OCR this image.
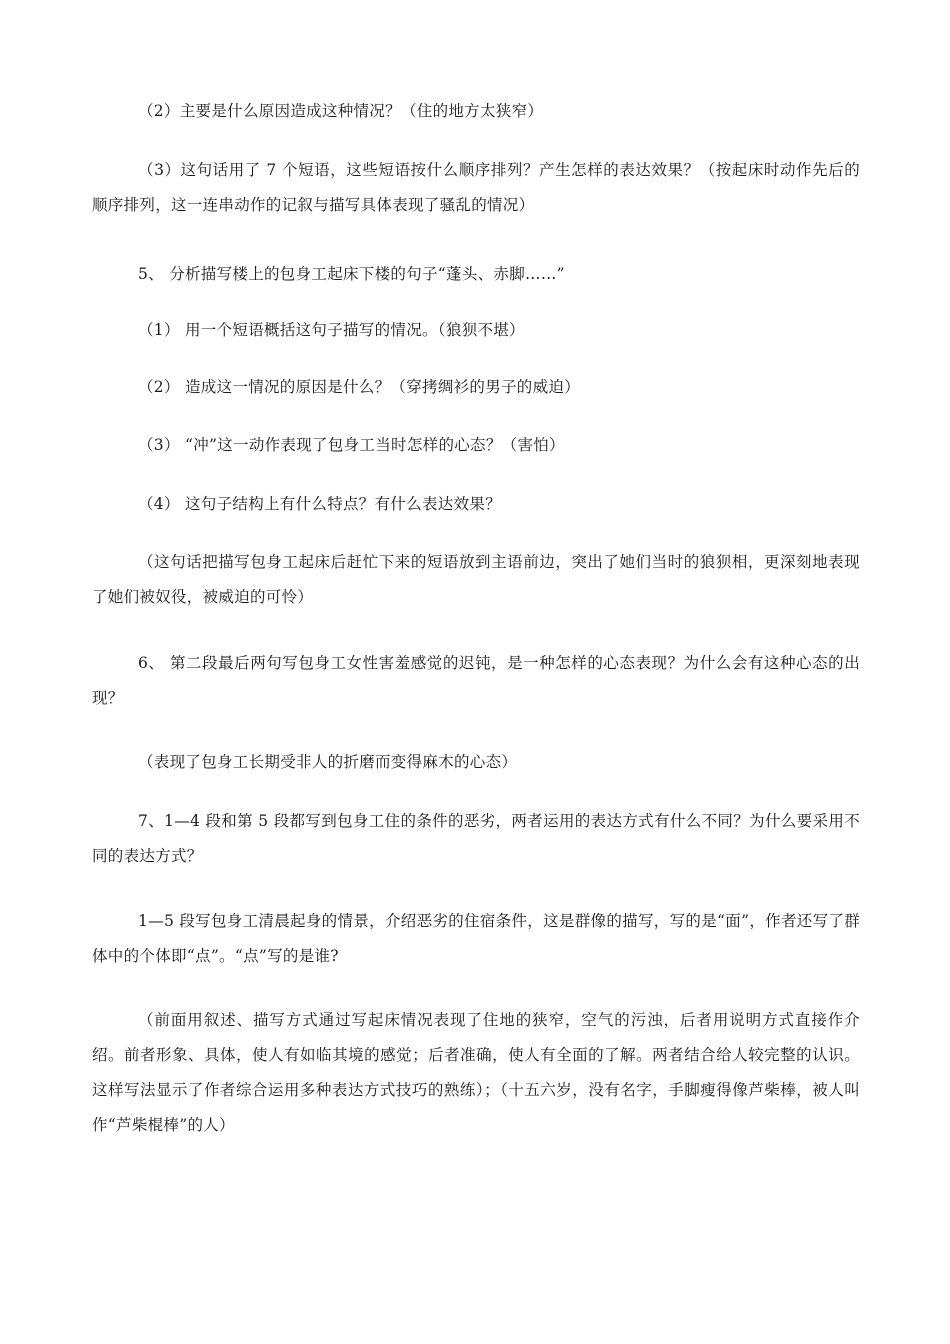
（2）主要是什么原因造成这种情况？（住的地方太狭窄）

（3）这句话用了 7 个短语，这些短语按什么顺序排列？产生怎样的表达效果？（按起床时动作先后的顺序排列，这一连串动作的记叙与描写具体表现了骚乱的情况）

5、 分析描写楼上的包身工起床下楼的句子“蓬头、赤脚……”

（1） 用一个短语概括这句子描写的情况。（狼狈不堪）

（2） 造成这一情况的原因是什么？（穿拷绸衫的男子的威迫）

（3） “冲”这一动作表现了包身工当时怎样的心态？（害怕）

（4） 这句子结构上有什么特点？有什么表达效果？

（这句话把描写包身工起床后赶忙下来的短语放到主语前边，突出了她们当时的狼狈相，更深刻地表现了她们被奴役，被威迫的可怜）

6、 第二段最后两句写包身工女性害羞感觉的迟钝，是一种怎样的心态表现？为什么会有这种心态的出现？

（表现了包身工长期受非人的折磨而变得麻木的心态）

7、1—4 段和第 5 段都写到包身工住的条件的恶劣，两者运用的表达方式有什么不同？为什么要采用不同的表达方式？

1—5 段写包身工清晨起身的情景，介绍恶劣的住宿条件，这是群像的描写，写的是“面”，作者还写了群体中的个体即“点”。“点”写的是谁?

（前面用叙述、描写方式通过写起床情况表现了住地的狭窄，空气的污浊，后者用说明方式直接作介绍。前者形象、具体，使人有如临其境的感觉；后者准确，使人有全面的了解。两者结合给人较完整的认识。这样写法显示了作者综合运用多种表达方式技巧的熟练）；（十五六岁，没有名字，手脚瘦得像芦柴棒，被人叫作“芦柴棍棒”的人）
